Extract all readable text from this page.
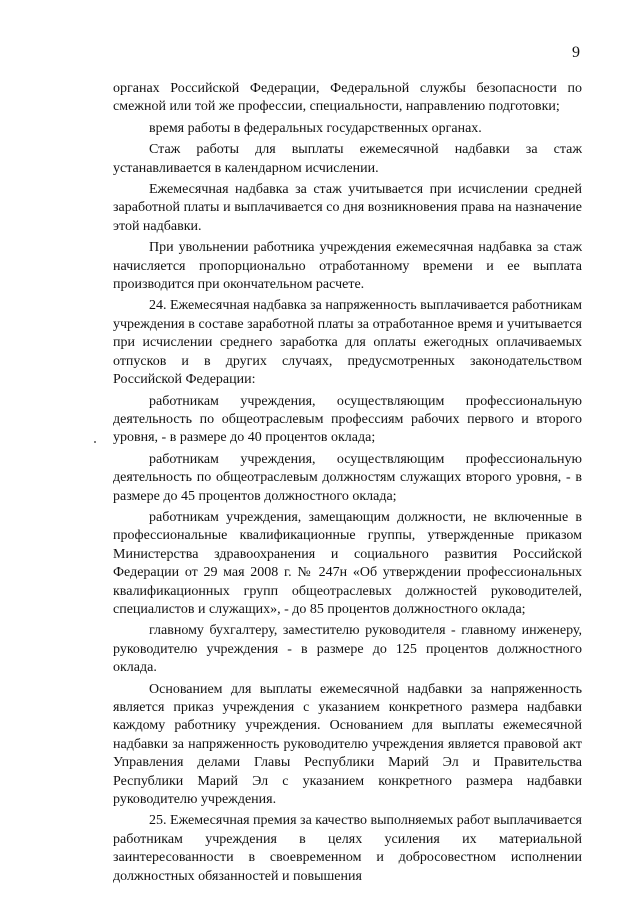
9

органах Российской Федерации, Федеральной службы безопасности по смежной или той же профессии, специальности, направлению подготовки;

время работы в федеральных государственных органах.

Стаж работы для выплаты ежемесячной надбавки за стаж устанавливается в календарном исчислении.

Ежемесячная надбавка за стаж учитывается при исчислении средней заработной платы и выплачивается со дня возникновения права на назначение этой надбавки.

При увольнении работника учреждения ежемесячная надбавка за стаж начисляется пропорционально отработанному времени и ее выплата производится при окончательном расчете.

24. Ежемесячная надбавка за напряженность выплачивается работникам учреждения в составе заработной платы за отработанное время и учитывается при исчислении среднего заработка для оплаты ежегодных оплачиваемых отпусков и в других случаях, предусмотренных законодательством Российской Федерации:

работникам учреждения, осуществляющим профессиональную деятельность по общеотраслевым профессиям рабочих первого и второго уровня, - в размере до 40 процентов оклада;

работникам учреждения, осуществляющим профессиональную деятельность по общеотраслевым должностям служащих второго уровня, - в размере до 45 процентов должностного оклада;

работникам учреждения, замещающим должности, не включенные в профессиональные квалификационные группы, утвержденные приказом Министерства здравоохранения и социального развития Российской Федерации от 29 мая 2008 г. № 247н «Об утверждении профессиональных квалификационных групп общеотраслевых должностей руководителей, специалистов и служащих», - до 85 процентов должностного оклада;

главному бухгалтеру, заместителю руководителя - главному инженеру, руководителю учреждения - в размере до 125 процентов должностного оклада.

Основанием для выплаты ежемесячной надбавки за напряженность является приказ учреждения с указанием конкретного размера надбавки каждому работнику учреждения. Основанием для выплаты ежемесячной надбавки за напряженность руководителю учреждения является правовой акт Управления делами Главы Республики Марий Эл и Правительства Республики Марий Эл с указанием конкретного размера надбавки руководителю учреждения.

25. Ежемесячная премия за качество выполняемых работ выплачивается работникам учреждения в целях усиления их материальной заинтересованности в своевременном и добросовестном исполнении должностных обязанностей и повышения
